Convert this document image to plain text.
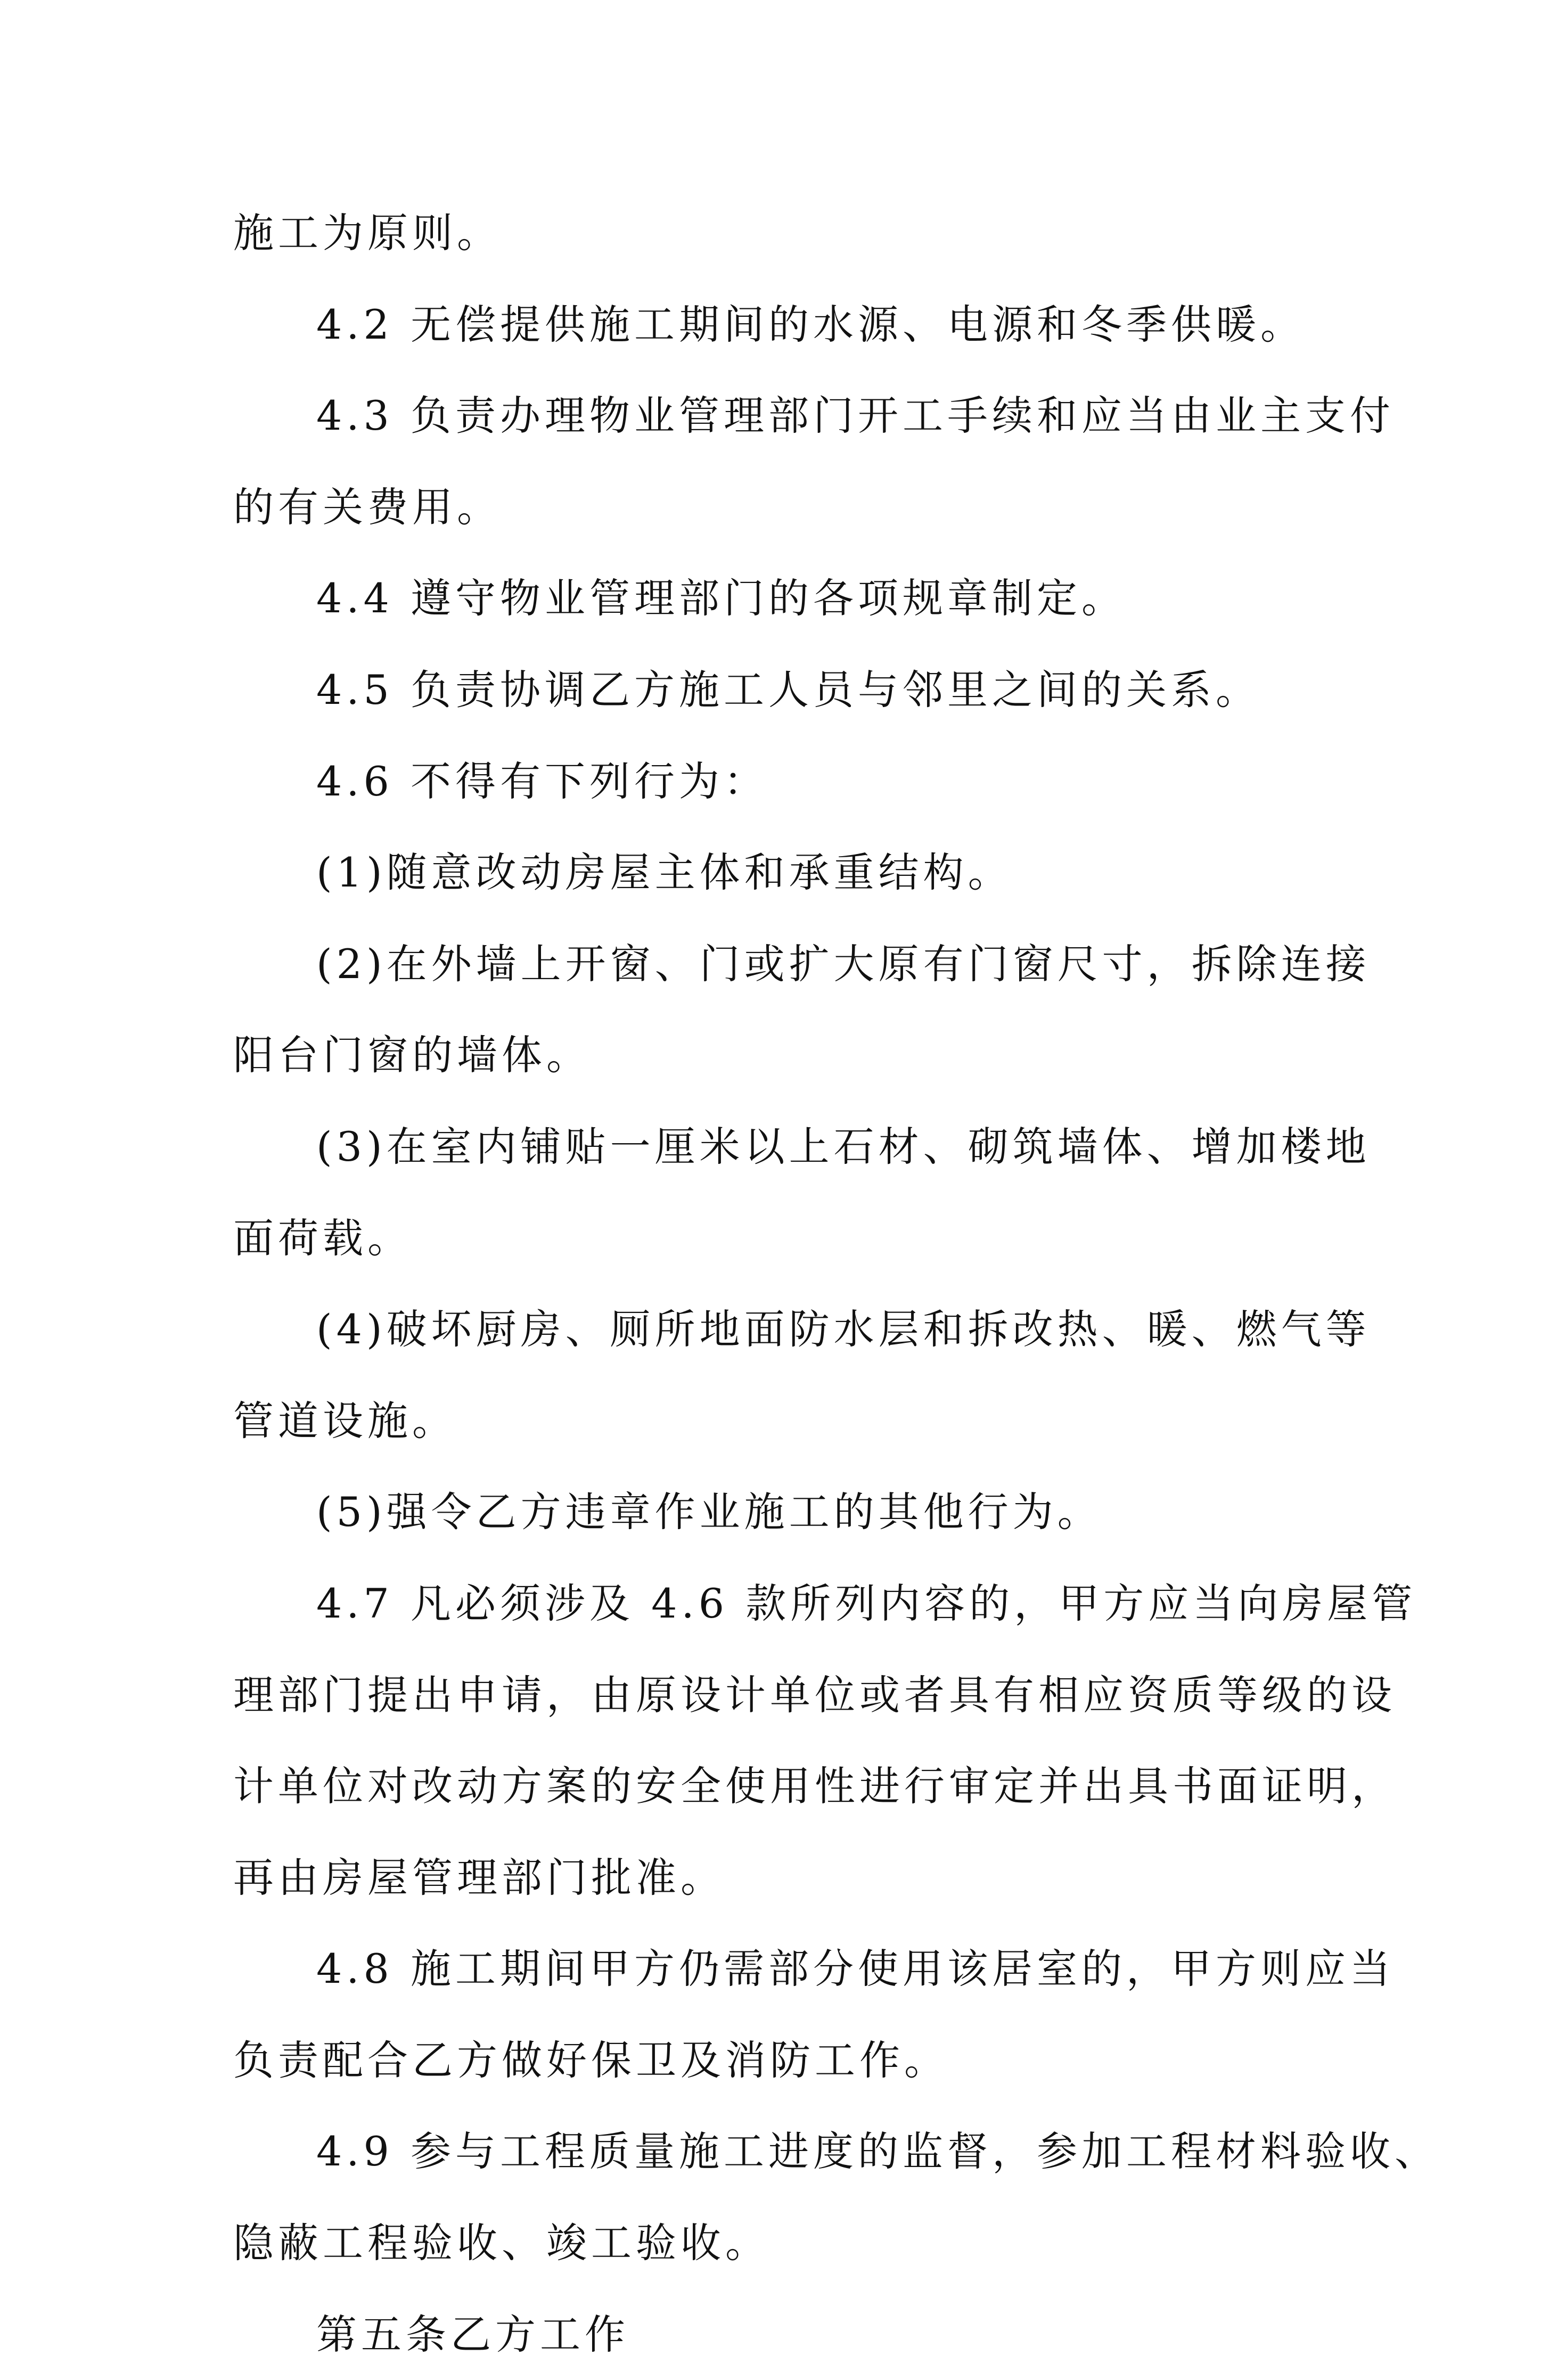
施工为原则。
4.2 无偿提供施工期间的水源、电源和冬季供暖。
4.3 负责办理物业管理部门开工手续和应当由业主支付
的有关费用。
4.4 遵守物业管理部门的各项规章制定。
4.5 负责协调乙方施工人员与邻里之间的关系。
4.6 不得有下列行为：
(1)随意改动房屋主体和承重结构。
(2)在外墙上开窗、门或扩大原有门窗尺寸，拆除连接
阳台门窗的墙体。
(3)在室内铺贴一厘米以上石材、砌筑墙体、增加楼地
面荷载。
(4)破坏厨房、厕所地面防水层和拆改热、暖、燃气等
管道设施。
(5)强令乙方违章作业施工的其他行为。
4.7 凡必须涉及 4.6 款所列内容的，甲方应当向房屋管
理部门提出申请，由原设计单位或者具有相应资质等级的设
计单位对改动方案的安全使用性进行审定并出具书面证明，
再由房屋管理部门批准。
4.8 施工期间甲方仍需部分使用该居室的，甲方则应当
负责配合乙方做好保卫及消防工作。
4.9 参与工程质量施工进度的监督，参加工程材料验收、
隐蔽工程验收、竣工验收。
第五条乙方工作
